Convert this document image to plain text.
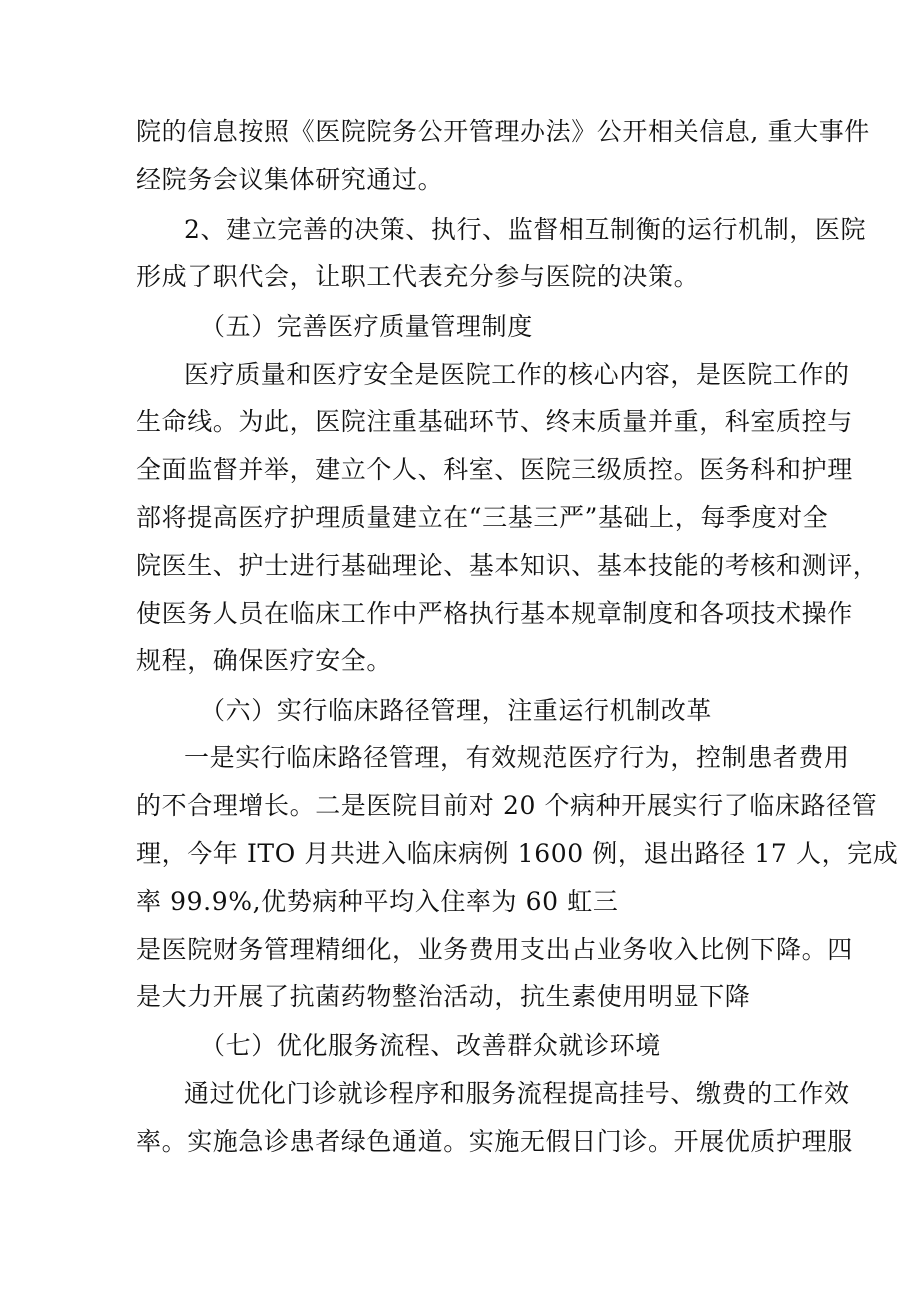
院的信息按照《医院院务公开管理办法》公开相关信息, 重大事件
经院务会议集体研究通过。
2、建立完善的决策、执行、监督相互制衡的运行机制，医院
形成了职代会，让职工代表充分参与医院的决策。
（五）完善医疗质量管理制度
医疗质量和医疗安全是医院工作的核心内容，是医院工作的
生命线。为此，医院注重基础环节、终末质量并重，科室质控与
全面监督并举，建立个人、科室、医院三级质控。医务科和护理
部将提高医疗护理质量建立在“三基三严”基础上，每季度对全
院医生、护士进行基础理论、基本知识、基本技能的考核和测评，
使医务人员在临床工作中严格执行基本规章制度和各项技术操作
规程，确保医疗安全。
（六）实行临床路径管理，注重运行机制改革
一是实行临床路径管理，有效规范医疗行为，控制患者费用
的不合理增长。二是医院目前对 20 个病种开展实行了临床路径管
理，今年 ITO 月共进入临床病例 1600 例，退出路径 17 人，完成
率 99.9%,优势病种平均入住率为 60 虹三
是医院财务管理精细化，业务费用支出占业务收入比例下降。四
是大力开展了抗菌药物整治活动，抗生素使用明显下降
（七）优化服务流程、改善群众就诊环境
通过优化门诊就诊程序和服务流程提高挂号、缴费的工作效
率。实施急诊患者绿色通道。实施无假日门诊。开展优质护理服
